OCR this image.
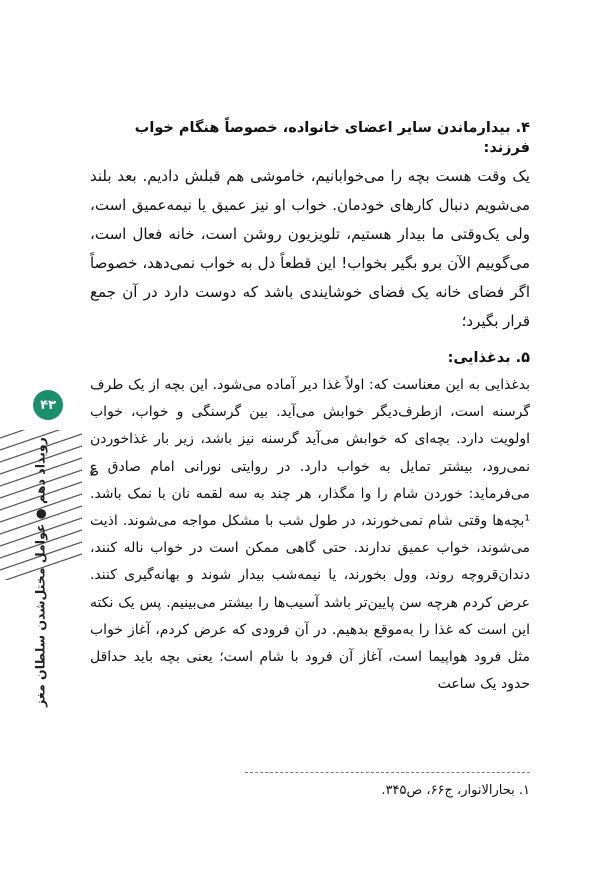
۴۳
رویداد دهم ● عوامل مختل‌شدن سلطان مغز

۴. بیدارماندن سایر اعضای خانواده، خصوصاً هنگام خواب فرزند:

یک وقت هست بچه را می‌خوابانیم، خاموشی هم قبلش دادیم. بعد بلند می‌شویم دنبال کارهای خودمان. خواب او نیز عمیق یا نیمه‌عمیق است، ولی یک‌وقتی ما بیدار هستیم، تلویزیون روشن است، خانه فعال است، می‌گوییم الآن برو بگیر بخواب! این قطعاً دل به خواب نمی‌دهد، خصوصاً اگر فضای خانه یک فضای خوشایندی باشد که دوست دارد در آن جمع قرار بگیرد؛

۵. بدغذایی:

بدغذایی به این معناست که: اولاً غذا دیر آماده می‌شود. این بچه از یک طرف گرسنه است، ازطرف‌دیگر خوابش می‌آید. بین گرسنگی و خواب، خواب اولویت دارد. بچه‌ای که خوابش می‌آید گرسنه نیز باشد، زیر بار غذاخوردن نمی‌رود، بیشتر تمایل به خواب دارد. در روایتی نورانی امام صادق ؏ می‌فرماید: خوردن شام را وا مگذار، هر چند به سه لقمه نان با نمک باشد. ¹بچه‌ها وقتی شام نمی‌خورند، در طول شب با مشکل مواجه می‌شوند. اذیت می‌شوند، خواب عمیق ندارند. حتی گاهی ممکن است در خواب ناله کنند، دندان‌قروچه روند، وول بخورند، یا نیمه‌شب بیدار شوند و بهانه‌گیری کنند. عرض کردم هرچه سن پایین‌تر باشد آسیب‌ها را بیشتر می‌بینیم. پس یک نکته این است که غذا را به‌موقع بدهیم. در آن فرودی که عرض کردم، آغاز خواب مثل فرود هواپیما است، آغاز آن فرود با شام است؛ یعنی بچه باید حداقل حدود یک ساعت

۱. بحارالانوار، ج۶۶، ص۳۴۵.
